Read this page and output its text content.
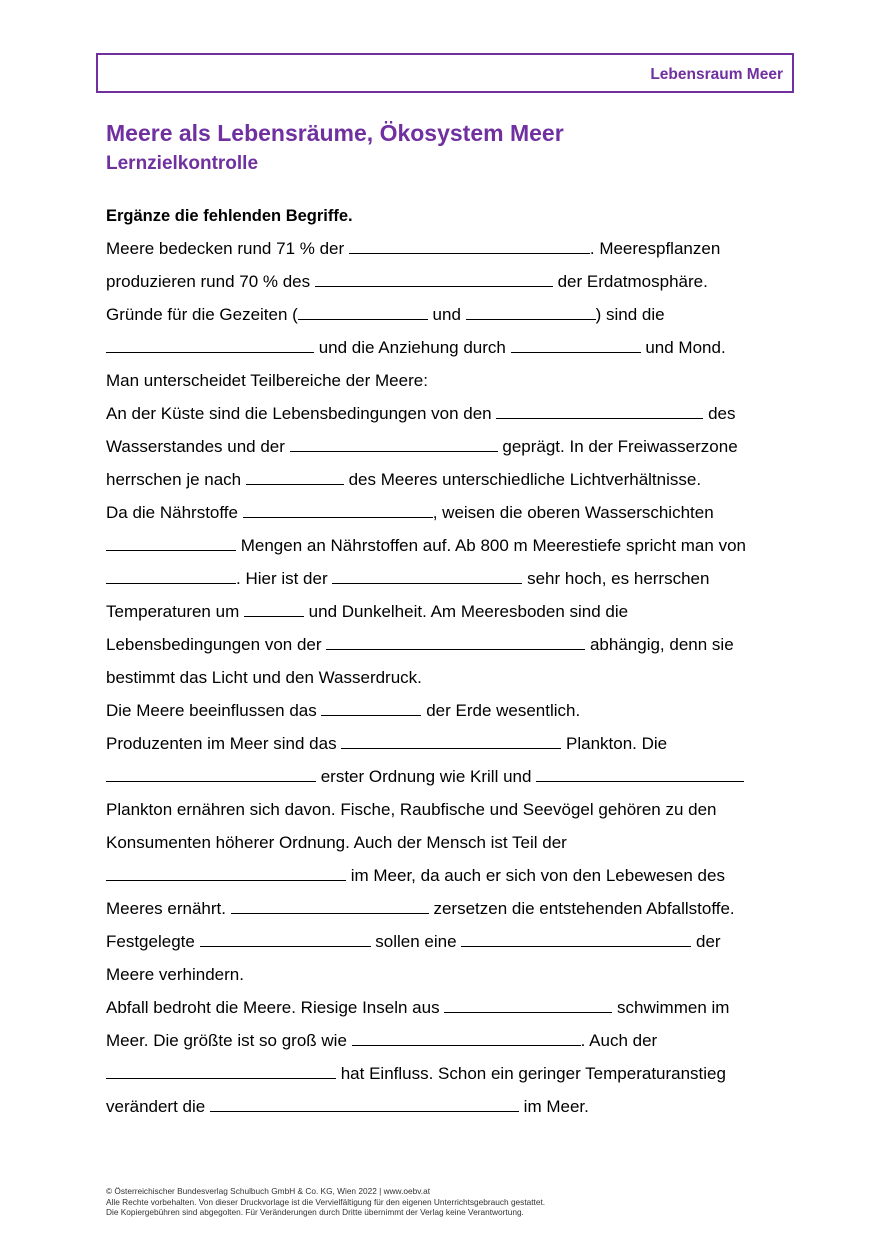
Lebensraum Meer
Meere als Lebensräume, Ökosystem Meer
Lernzielkontrolle
Ergänze die fehlenden Begriffe.
Meere bedecken rund 71 % der	. Meerespflanzen
produzieren rund 70 % des	der Erdatmosphäre.
Gründe für die Gezeiten (	und	) sind die
und die Anziehung durch	und Mond.
Man unterscheidet Teilbereiche der Meere:
An der Küste sind die Lebensbedingungen von den	des
Wasserstandes und der	geprägt. In der Freiwasserzone
herrschen je nach	des Meeres unterschiedliche Lichtverhältnisse.
Da die Nährstoffe	, weisen die oberen Wasserschichten
Mengen an Nährstoffen auf. Ab 800 m Meerestiefe spricht man von
. Hier ist der	sehr hoch, es herrschen
Temperaturen um	und Dunkelheit. Am Meeresboden sind die
Lebensbedingungen von der	abhängig, denn sie
bestimmt das Licht und den Wasserdruck.
Die Meere beeinflussen das	der Erde wesentlich.
Produzenten im Meer sind das	Plankton. Die
erster Ordnung wie Krill und
Plankton ernähren sich davon. Fische, Raubfische und Seevögel gehören zu den
Konsumenten höherer Ordnung. Auch der Mensch ist Teil der
im Meer, da auch er sich von den Lebewesen des
Meeres ernährt.	zersetzen die entstehenden Abfallstoffe.
Festgelegte	sollen eine	der
Meere verhindern.
Abfall bedroht die Meere. Riesige Inseln aus	schwimmen im
Meer. Die größte ist so groß wie	. Auch der
hat Einfluss. Schon ein geringer Temperaturanstieg
verändert die	im Meer.
© Österreichischer Bundesverlag Schulbuch GmbH & Co. KG, Wien 2022 | www.oebv.at
Alle Rechte vorbehalten. Von dieser Druckvorlage ist die Vervielfältigung für den eigenen Unterrichtsgebrauch gestattet.
Die Kopiergebühren sind abgegolten. Für Veränderungen durch Dritte übernimmt der Verlag keine Verantwortung.
